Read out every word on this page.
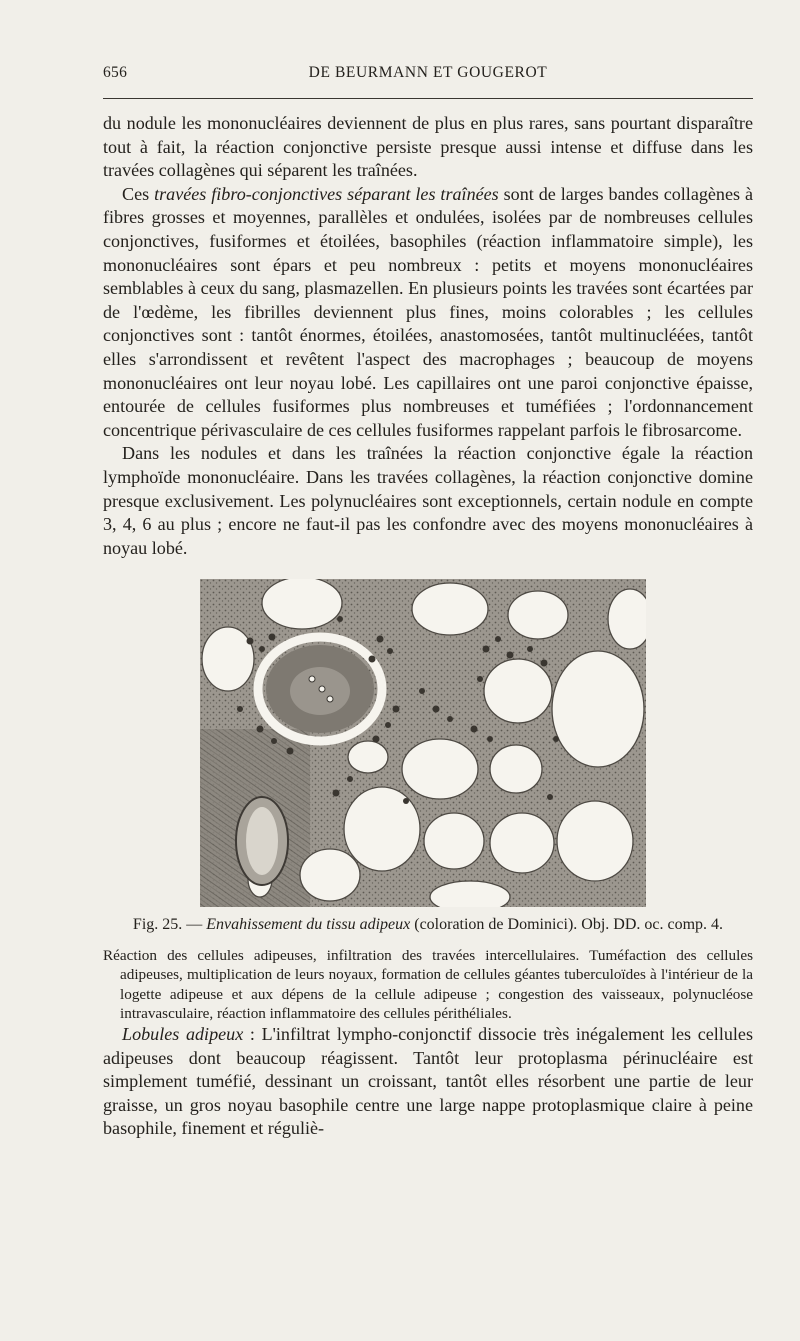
656	DE BEURMANN ET GOUGEROT

du nodule les mononucléaires deviennent de plus en plus rares, sans pourtant disparaître tout à fait, la réaction conjonctive persiste presque aussi intense et diffuse dans les travées collagènes qui séparent les traînées.

Ces travées fibro-conjonctives séparant les traînées sont de larges bandes collagènes à fibres grosses et moyennes, parallèles et ondulées, isolées par de nombreuses cellules conjonctives, fusiformes et étoilées, basophiles (réaction inflammatoire simple), les mononucléaires sont épars et peu nombreux : petits et moyens mononucléaires semblables à ceux du sang, plasmazellen. En plusieurs points les travées sont écartées par de l'œdème, les fibrilles deviennent plus fines, moins colorables ; les cellules conjonctives sont : tantôt énormes, étoilées, anastomosées, tantôt multinucléées, tantôt elles s'arrondissent et revêtent l'aspect des macrophages ; beaucoup de moyens mononucléaires ont leur noyau lobé. Les capillaires ont une paroi conjonctive épaisse, entourée de cellules fusiformes plus nombreuses et tuméfiées ; l'ordonnancement concentrique périvasculaire de ces cellules fusiformes rappelant parfois le fibrosarcome.

Dans les nodules et dans les traînées la réaction conjonctive égale la réaction lymphoïde mononucléaire. Dans les travées collagènes, la réaction conjonctive domine presque exclusivement. Les polynucléaires sont exceptionnels, certain nodule en compte 3, 4, 6 au plus ; encore ne faut-il pas les confondre avec des moyens mononucléaires à noyau lobé.

Fig. 25. — Envahissement du tissu adipeux (coloration de Dominici). Obj. DD. oc. comp. 4.
Réaction des cellules adipeuses, infiltration des travées intercellulaires. Tuméfaction des cellules adipeuses, multiplication de leurs noyaux, formation de cellules géantes tuberculoïdes à l'intérieur de la logette adipeuse et aux dépens de la cellule adipeuse ; congestion des vaisseaux, polynucléose intravasculaire, réaction inflammatoire des cellules périthéliales.

Lobules adipeux : L'infiltrat lympho-conjonctif dissocie très inégalement les cellules adipeuses dont beaucoup réagissent. Tantôt leur protoplasma périnucléaire est simplement tuméfié, dessinant un croissant, tantôt elles résorbent une partie de leur graisse, un gros noyau basophile centre une large nappe protoplasmique claire à peine basophile, finement et réguliè-
